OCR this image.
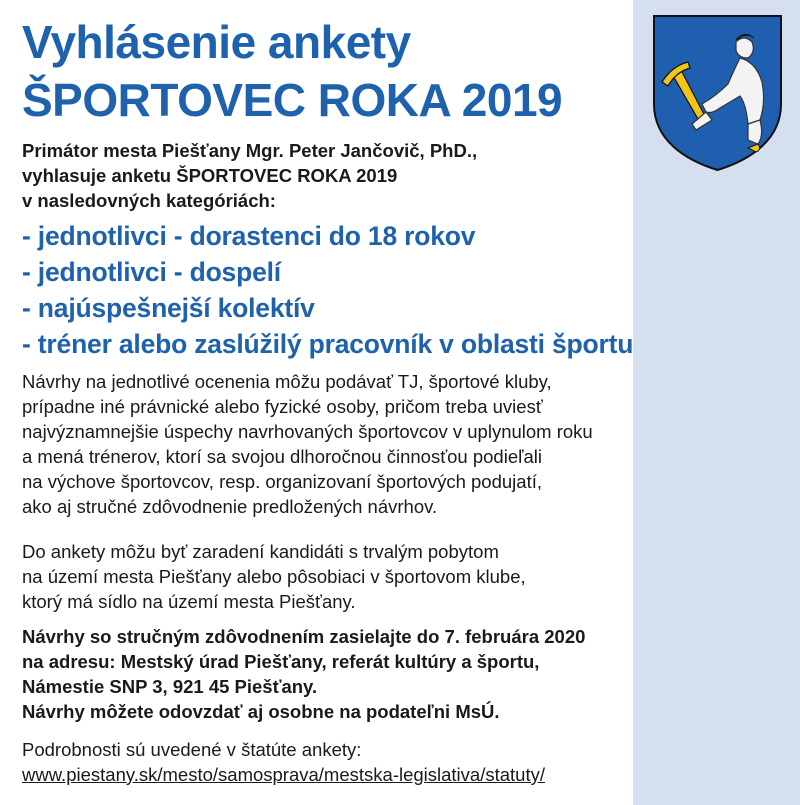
Vyhlásenie ankety
ŠPORTOVEC ROKA 2019
Primátor mesta Piešťany Mgr. Peter Jančovič, PhD.,
vyhlasuje anketu ŠPORTOVEC ROKA 2019
v nasledovných kategóriách:
- jednotlivci - dorastenci do 18 rokov
- jednotlivci - dospelí
- najúspešnejší kolektív
- tréner alebo zaslúžilý pracovník v oblasti športu
Návrhy na jednotlivé ocenenia môžu podávať TJ, športové kluby,
prípadne iné právnické alebo fyzické osoby, pričom treba uviesť
najvýznamnejšie úspechy navrhovaných športovcov v uplynulom roku
a mená trénerov, ktorí sa svojou dlhoročnou činnosťou podieľali
na výchove športovcov, resp. organizovaní športových podujatí,
ako aj stručné zdôvodnenie predložených návrhov.
Do ankety môžu byť zaradení kandidáti s trvalým pobytom
na území mesta Piešťany alebo pôsobiaci v športovom klube,
ktorý má sídlo na území mesta Piešťany.
Návrhy so stručným zdôvodnením zasielajte do 7. februára 2020
na adresu: Mestský úrad Piešťany, referát kultúry a športu,
Námestie SNP 3, 921 45 Piešťany.
Návrhy môžete odovzdať aj osobne na podateľni MsÚ.
Podrobnosti sú uvedené v štatúte ankety:
www.piestany.sk/mesto/samosprava/mestska-legislativa/statuty/
